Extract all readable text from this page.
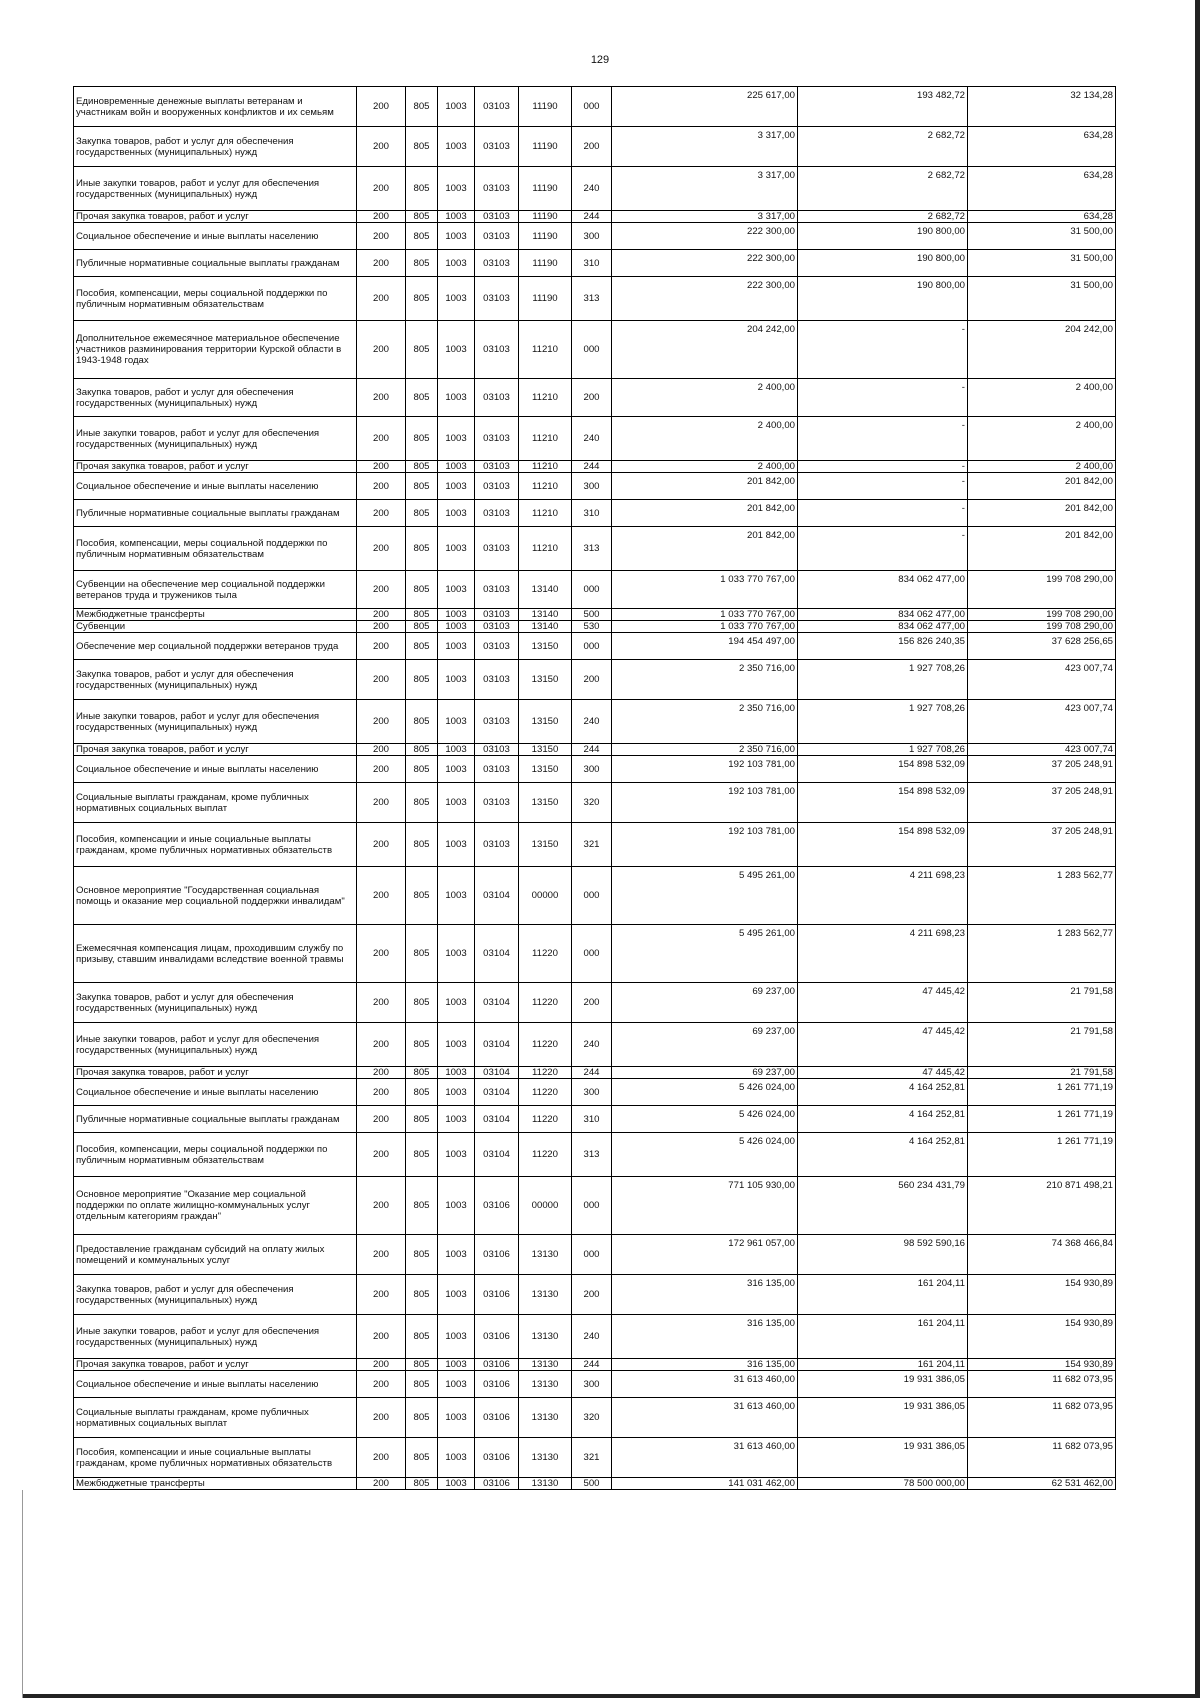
129
Единовременные денежные выплаты ветеранам и участникам войн и вооруженных конфликтов и их семьям	200	805	1003	03103	11190	000	225 617,00	193 482,72	32 134,28
Закупка товаров, работ и услуг для обеспечения государственных (муниципальных) нужд	200	805	1003	03103	11190	200	3 317,00	2 682,72	634,28
Иные закупки товаров, работ и услуг для обеспечения государственных (муниципальных) нужд	200	805	1003	03103	11190	240	3 317,00	2 682,72	634,28
Прочая закупка товаров, работ и услуг	200	805	1003	03103	11190	244	3 317,00	2 682,72	634,28
Социальное обеспечение и иные выплаты населению	200	805	1003	03103	11190	300	222 300,00	190 800,00	31 500,00
Публичные нормативные социальные выплаты гражданам	200	805	1003	03103	11190	310	222 300,00	190 800,00	31 500,00
Пособия, компенсации, меры социальной поддержки по публичным нормативным обязательствам	200	805	1003	03103	11190	313	222 300,00	190 800,00	31 500,00
Дополнительное ежемесячное материальное обеспечение участников разминирования территории Курской области в 1943-1948 годах	200	805	1003	03103	11210	000	204 242,00	-	204 242,00
Закупка товаров, работ и услуг для обеспечения государственных (муниципальных) нужд	200	805	1003	03103	11210	200	2 400,00	-	2 400,00
Иные закупки товаров, работ и услуг для обеспечения государственных (муниципальных) нужд	200	805	1003	03103	11210	240	2 400,00	-	2 400,00
Прочая закупка товаров, работ и услуг	200	805	1003	03103	11210	244	2 400,00	-	2 400,00
Социальное обеспечение и иные выплаты населению	200	805	1003	03103	11210	300	201 842,00	-	201 842,00
Публичные нормативные социальные выплаты гражданам	200	805	1003	03103	11210	310	201 842,00	-	201 842,00
Пособия, компенсации, меры социальной поддержки по публичным нормативным обязательствам	200	805	1003	03103	11210	313	201 842,00	-	201 842,00
Субвенции на обеспечение мер социальной поддержки ветеранов труда и тружеников тыла	200	805	1003	03103	13140	000	1 033 770 767,00	834 062 477,00	199 708 290,00
Межбюджетные трансферты	200	805	1003	03103	13140	500	1 033 770 767,00	834 062 477,00	199 708 290,00
Субвенции	200	805	1003	03103	13140	530	1 033 770 767,00	834 062 477,00	199 708 290,00
Обеспечение мер социальной поддержки ветеранов труда	200	805	1003	03103	13150	000	194 454 497,00	156 826 240,35	37 628 256,65
Закупка товаров, работ и услуг для обеспечения государственных (муниципальных) нужд	200	805	1003	03103	13150	200	2 350 716,00	1 927 708,26	423 007,74
Иные закупки товаров, работ и услуг для обеспечения государственных (муниципальных) нужд	200	805	1003	03103	13150	240	2 350 716,00	1 927 708,26	423 007,74
Прочая закупка товаров, работ и услуг	200	805	1003	03103	13150	244	2 350 716,00	1 927 708,26	423 007,74
Социальное обеспечение и иные выплаты населению	200	805	1003	03103	13150	300	192 103 781,00	154 898 532,09	37 205 248,91
Социальные выплаты гражданам, кроме публичных нормативных социальных выплат	200	805	1003	03103	13150	320	192 103 781,00	154 898 532,09	37 205 248,91
Пособия, компенсации и иные социальные выплаты гражданам, кроме публичных нормативных обязательств	200	805	1003	03103	13150	321	192 103 781,00	154 898 532,09	37 205 248,91
Основное мероприятие "Государственная социальная помощь и оказание мер социальной поддержки инвалидам"	200	805	1003	03104	00000	000	5 495 261,00	4 211 698,23	1 283 562,77
Ежемесячная компенсация лицам, проходившим службу по призыву, ставшим инвалидами вследствие военной травмы	200	805	1003	03104	11220	000	5 495 261,00	4 211 698,23	1 283 562,77
Закупка товаров, работ и услуг для обеспечения государственных (муниципальных) нужд	200	805	1003	03104	11220	200	69 237,00	47 445,42	21 791,58
Иные закупки товаров, работ и услуг для обеспечения государственных (муниципальных) нужд	200	805	1003	03104	11220	240	69 237,00	47 445,42	21 791,58
Прочая закупка товаров, работ и услуг	200	805	1003	03104	11220	244	69 237,00	47 445,42	21 791,58
Социальное обеспечение и иные выплаты населению	200	805	1003	03104	11220	300	5 426 024,00	4 164 252,81	1 261 771,19
Публичные нормативные социальные выплаты гражданам	200	805	1003	03104	11220	310	5 426 024,00	4 164 252,81	1 261 771,19
Пособия, компенсации, меры социальной поддержки по публичным нормативным обязательствам	200	805	1003	03104	11220	313	5 426 024,00	4 164 252,81	1 261 771,19
Основное мероприятие "Оказание мер социальной поддержки по оплате жилищно-коммунальных услуг отдельным категориям граждан"	200	805	1003	03106	00000	000	771 105 930,00	560 234 431,79	210 871 498,21
Предоставление гражданам субсидий на оплату жилых помещений и коммунальных услуг	200	805	1003	03106	13130	000	172 961 057,00	98 592 590,16	74 368 466,84
Закупка товаров, работ и услуг для обеспечения государственных (муниципальных) нужд	200	805	1003	03106	13130	200	316 135,00	161 204,11	154 930,89
Иные закупки товаров, работ и услуг для обеспечения государственных (муниципальных) нужд	200	805	1003	03106	13130	240	316 135,00	161 204,11	154 930,89
Прочая закупка товаров, работ и услуг	200	805	1003	03106	13130	244	316 135,00	161 204,11	154 930,89
Социальное обеспечение и иные выплаты населению	200	805	1003	03106	13130	300	31 613 460,00	19 931 386,05	11 682 073,95
Социальные выплаты гражданам, кроме публичных нормативных социальных выплат	200	805	1003	03106	13130	320	31 613 460,00	19 931 386,05	11 682 073,95
Пособия, компенсации и иные социальные выплаты гражданам, кроме публичных нормативных обязательств	200	805	1003	03106	13130	321	31 613 460,00	19 931 386,05	11 682 073,95
Межбюджетные трансферты	200	805	1003	03106	13130	500	141 031 462,00	78 500 000,00	62 531 462,00
